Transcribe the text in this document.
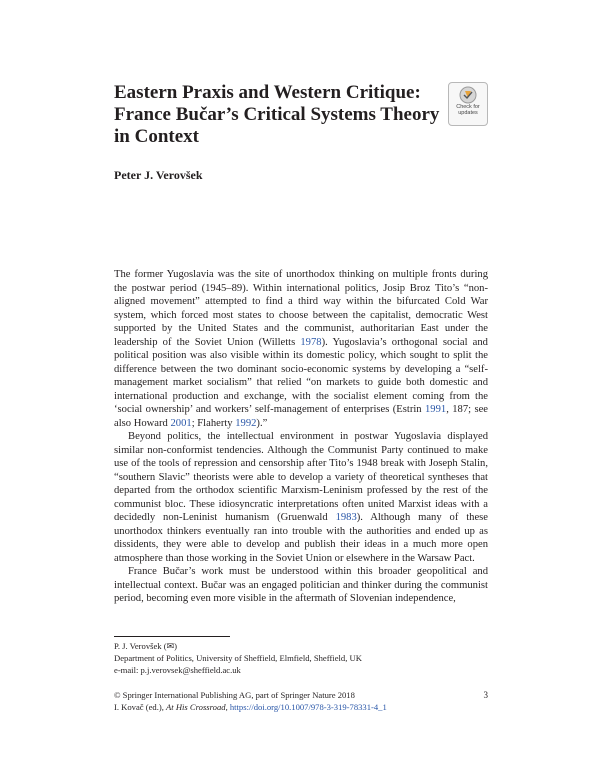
Eastern Praxis and Western Critique:
France Bučar’s Critical Systems Theory
in Context
Check for
updates
Peter J. Verovšek

The former Yugoslavia was the site of unorthodox thinking on multiple fronts during the postwar period (1945–89). Within international politics, Josip Broz Tito’s “non-aligned movement” attempted to find a third way within the bifurcated Cold War system, which forced most states to choose between the capitalist, democratic West supported by the United States and the communist, authoritarian East under the leadership of the Soviet Union (Willetts 1978). Yugoslavia’s orthogonal social and political position was also visible within its domestic policy, which sought to split the difference between the two dominant socio-economic systems by developing a “self-management market socialism” that relied “on markets to guide both domestic and international production and exchange, with the socialist element coming from the ‘social ownership’ and workers’ self-management of enterprises (Estrin 1991, 187; see also Howard 2001; Flaherty 1992).”

Beyond politics, the intellectual environment in postwar Yugoslavia displayed similar non-conformist tendencies. Although the Communist Party continued to make use of the tools of repression and censorship after Tito’s 1948 break with Joseph Stalin, “southern Slavic” theorists were able to develop a variety of theoretical syntheses that departed from the orthodox scientific Marxism-Leninism professed by the rest of the communist bloc. These idiosyncratic interpretations often united Marxist ideas with a decidedly non-Leninist humanism (Gruenwald 1983). Although many of these unorthodox thinkers eventually ran into trouble with the authorities and ended up as dissidents, they were able to develop and publish their ideas in a much more open atmosphere than those working in the Soviet Union or elsewhere in the Warsaw Pact.

France Bučar’s work must be understood within this broader geopolitical and intellectual context. Bučar was an engaged politician and thinker during the communist period, becoming even more visible in the aftermath of Slovenian independence,

P. J. Verovšek (✉)
Department of Politics, University of Sheffield, Elmfield, Sheffield, UK
e-mail: p.j.verovsek@sheffield.ac.uk
© Springer International Publishing AG, part of Springer Nature 2018	3
I. Kovač (ed.), At His Crossroad, https://doi.org/10.1007/978-3-319-78331-4_1
